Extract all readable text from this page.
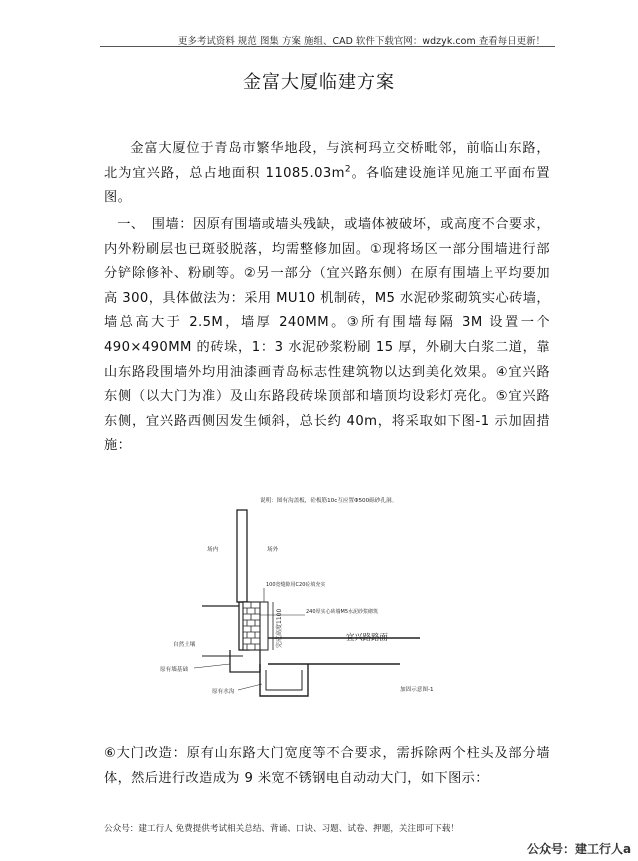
更多考试资料 规范 图集 方案 施组、CAD 软件下载官网：wdzyk.com 查看每日更新！
金富大厦临建方案
金富大厦位于青岛市繁华地段，与滨柯玛立交桥毗邻，前临山东路，北为宜兴路，总占地面积 $11085.03m^2$。各临建设施详见施工平面布置图。
一、　围墙：因原有围墙或墙头残缺，或墙体被破坏，或高度不合要求，内外粉刷层也已斑驳脱落，均需整修加固。①现将场区一部分围墙进行部分铲除修补、粉刷等。②另一部分（宜兴路东侧）在原有围墙上平均要加高 300，具体做法为：采用 MU10 机制砖，M5 水泥砂浆砌筑实心砖墙，墙总高大于 2.5M，墙厚 240MM。③所有围墙每隔 3M 设置一个 490×490MM 的砖垛，1：3 水泥砂浆粉刷 15 厚，外刷大白浆二道，靠山东路段围墙外均用油漆画青岛标志性建筑物以达到美化效果。④宜兴路东侧（以大门为准）及山东路段砖垛顶部和墙顶均设彩灯亮化。⑤宜兴路东侧，宜兴路西侧因发生倾斜，总长约 40m，将采取如下图-1 示加固措施：
说明：图有沟盖板，砼板筋10c互应置Φ500砾砂孔洞。
场内	场外
100宽缝隙用C20砼填充实
240厚实心砖墙M5水泥砂浆砌筑
完成高度1100	宜兴路路面
自然土壤
原有墙基础
原有水沟	加固示意图-1
⑥大门改造：原有山东路大门宽度等不合要求，需拆除两个柱头及部分墙体，然后进行改造成为 9 米宽不锈钢电自动动大门，如下图示：
公众号：建工行人 免费提供考试相关总结、背诵、口诀、习题、试卷、押题，关注即可下载！
公众号：建工行人a
